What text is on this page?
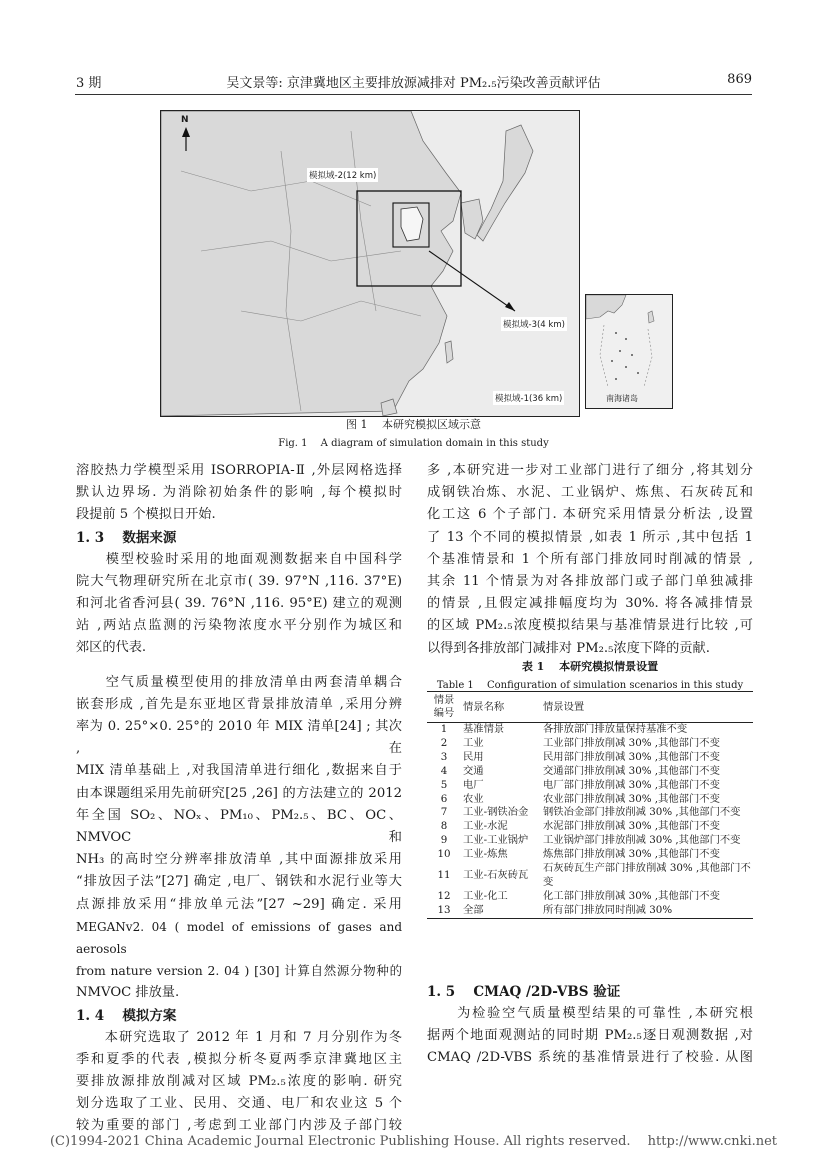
3 期	吴文景等: 京津冀地区主要排放源减排对 PM₂.₅污染改善贡献评估	869
N
模拟域-2(12 km)
模拟域-3(4 km)
模拟域-1(36 km)	南海诸岛
图 1 　本研究模拟区域示意
Fig. 1 　A diagram of simulation domain in this study
溶胶热力学模型采用 ISORROPIA-Ⅱ ,外层网格选择
默认边界场. 为消除初始条件的影响 ,每个模拟时
段提前 5 个模拟日开始.
1. 3 　数据来源
　　模型校验时采用的地面观测数据来自中国科学
院大气物理研究所在北京市( 39. 97°N ,116. 37°E)
和河北省香河县( 39. 76°N ,116. 95°E) 建立的观测
站 ,两站点监测的污染物浓度水平分别作为城区和
郊区的代表.
　　空气质量模型使用的排放清单由两套清单耦合
嵌套形成 ,首先是东亚地区背景排放清单 ,采用分辨
率为 0. 25°×0. 25°的 2010 年 MIX 清单[24] ; 其次 ,在
MIX 清单基础上 ,对我国清单进行细化 ,数据来自于
由本课题组采用先前研究[25 ,26] 的方法建立的 2012
年全国 SO₂、NOₓ、PM₁₀、PM₂.₅、BC、OC、NMVOC 和
NH₃ 的高时空分辨率排放清单 ,其中面源排放采用
“排放因子法”[27] 确定 ,电厂、钢铁和水泥行业等大
点源排放采用“排放单元法”[27 ~29] 确定. 采用
MEGANv2. 04 ( model of emissions of gases and aerosols
from nature version 2. 04 ) [30] 计算自然源分物种的
NMVOC 排放量.
1. 4 　模拟方案
　　本研究选取了 2012 年 1 月和 7 月分别作为冬
季和夏季的代表 ,模拟分析冬夏两季京津冀地区主
要排放源排放削减对区域 PM₂.₅浓度的影响. 研究
划分选取了工业、民用、交通、电厂和农业这 5 个
较为重要的部门 ,考虑到工业部门内涉及子部门较
多 ,本研究进一步对工业部门进行了细分 ,将其划分
成钢铁冶炼、水泥、工业锅炉、炼焦、石灰砖瓦和
化工这 6 个子部门. 本研究采用情景分析法 ,设置
了 13 个不同的模拟情景 ,如表 1 所示 ,其中包括 1
个基准情景和 1 个所有部门排放同时削减的情景 ,
其余 11 个情景为对各排放部门或子部门单独减排
的情景 ,且假定减排幅度均为 30%. 将各减排情景
的区域 PM₂.₅浓度模拟结果与基准情景进行比较 ,可
以得到各排放部门减排对 PM₂.₅浓度下降的贡献.
表 1 　本研究模拟情景设置
Table 1 　Configuration of simulation scenarios in this study
情景编号	情景名称	情景设置
1	基准情景	各排放部门排放量保持基准不变
2	工业	工业部门排放削减 30% ,其他部门不变
3	民用	民用部门排放削减 30% ,其他部门不变
4	交通	交通部门排放削减 30% ,其他部门不变
5	电厂	电厂部门排放削减 30% ,其他部门不变
6	农业	农业部门排放削减 30% ,其他部门不变
7	工业-钢铁冶金	钢铁冶金部门排放削减 30% ,其他部门不变
8	工业-水泥	水泥部门排放削减 30% ,其他部门不变
9	工业-工业锅炉	工业锅炉部门排放削减 30% ,其他部门不变
10	工业-炼焦	炼焦部门排放削减 30% ,其他部门不变
11	工业-石灰砖瓦	石灰砖瓦生产部门排放削减 30% ,其他部门不变
12	工业-化工	化工部门排放削减 30% ,其他部门不变
13	全部	所有部门排放同时削减 30%
1. 5 　CMAQ /2D-VBS 验证
　　为检验空气质量模型结果的可靠性 ,本研究根
据两个地面观测站的同时期 PM₂.₅逐日观测数据 ,对
CMAQ /2D-VBS 系统的基准情景进行了校验. 从图
(C)1994-2021 China Academic Journal Electronic Publishing House. All rights reserved.　 http://www.cnki.net
